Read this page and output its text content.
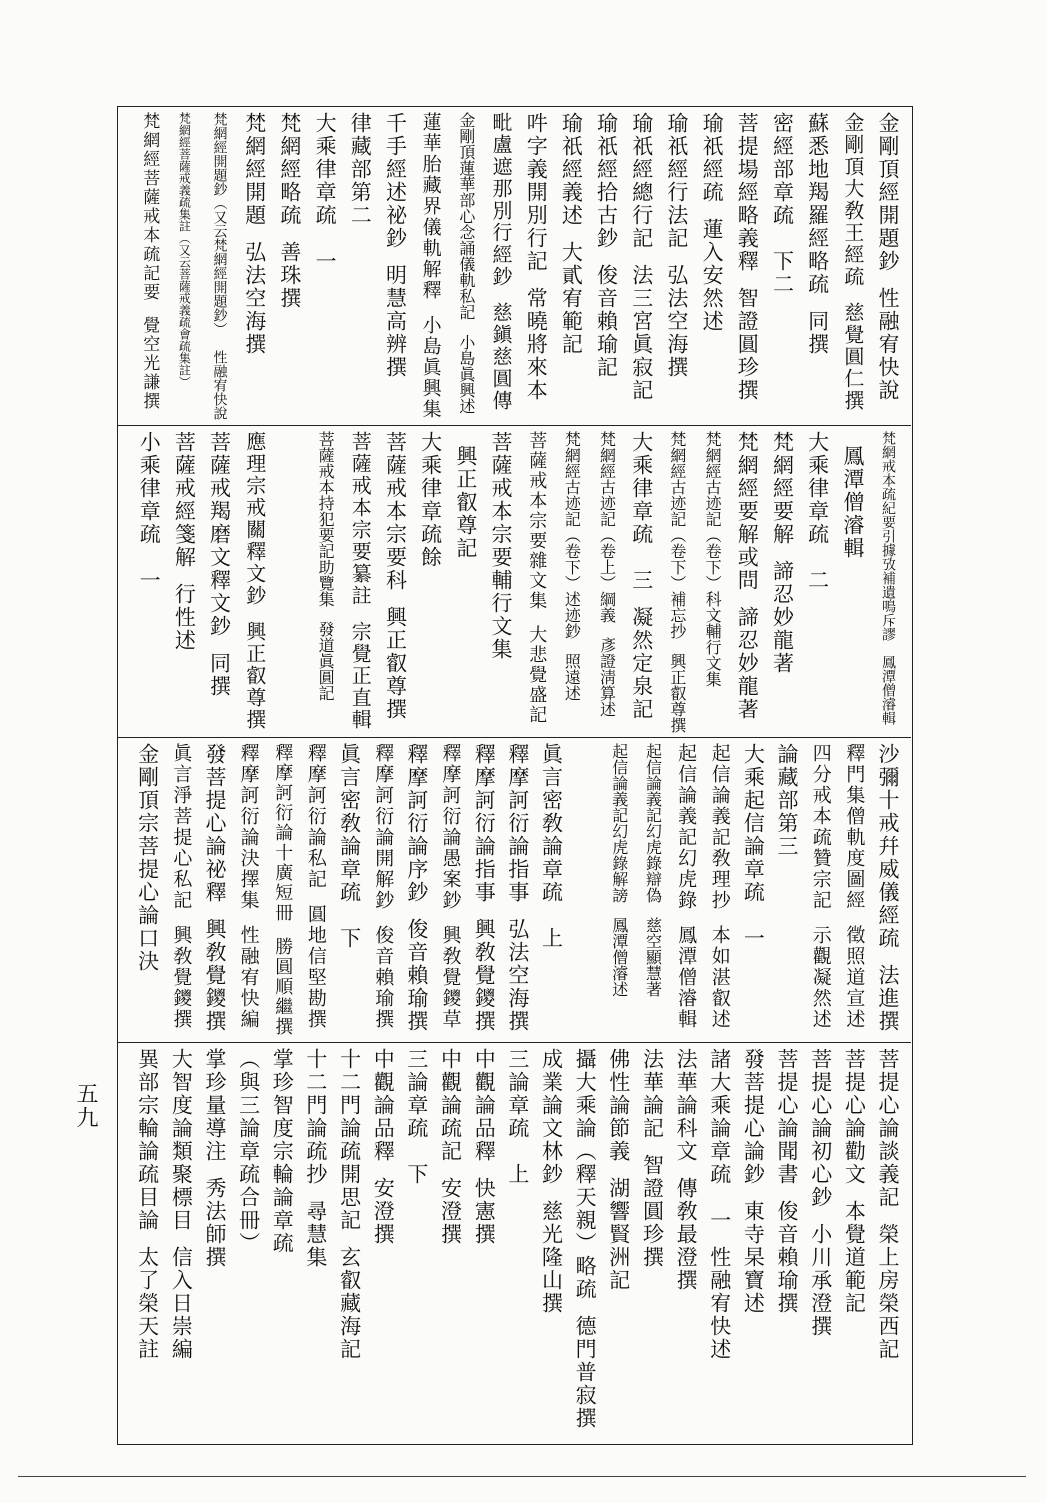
金剛頂經開題鈔性融宥快說
金剛頂大敎王經疏慈覺圓仁撰
蘇悉地羯羅經略疏同撰
密經部章疏　下二
菩提場經略義釋智證圓珍撰
瑜祇經疏蓮入安然述
瑜祇經行法記弘法空海撰
瑜祇經總行記法三宮眞寂記
瑜祇經拾古鈔俊音賴瑜記
瑜祇經義述大貳宥範記
吽字義開別行記常曉將來本
毗盧遮那別行經鈔慈鎭慈圓傳
金剛頂蓮華部心念誦儀軌私記小島眞興述
蓮華胎藏界儀軌解釋小島眞興集
千手經述祕鈔明慧高辨撰
律藏部第二
大乘律章疏　一
梵網經略疏善珠撰
梵網經開題弘法空海撰
梵網經開題鈔（又云梵網經開題鈔）性融宥快說
梵網經菩薩戒義疏集註（又云菩薩戒義疏會疏集註）
梵網經菩薩戒本疏記要覺空光謙撰
梵網戒本疏紀要引據攷補遺鳴斥謬鳳潭僧濬輯
鳳潭僧濬輯
大乘律章疏　二
梵網經要解諦忍妙龍著
梵網經要解或問諦忍妙龍著
梵網經古迹記（卷下）科文輔行文集
梵網經古迹記（卷下）補忘抄興正叡尊撰
大乘律章疏　三凝然定泉記
梵網經古迹記（卷上）綱義彥證淸算述
梵網經古迹記（卷下）述迹鈔照遠述
菩薩戒本宗要雜文集大悲覺盛記
菩薩戒本宗要輔行文集
興正叡尊記
大乘律章疏餘
菩薩戒本宗要科興正叡尊撰
菩薩戒本宗要纂註宗覺正直輯
菩薩戒本持犯要記助覽集發道眞圓記
應理宗戒關釋文鈔興正叡尊撰
菩薩戒羯磨文釋文鈔同撰
菩薩戒經箋解行性述
小乘律章疏　一
沙彌十戒幷威儀經疏法進撰
釋門集僧軌度圖經徵照道宣述
四分戒本疏贊宗記示觀凝然述
論藏部第三
大乘起信論章疏　一
起信論義記敎理抄本如湛叡述
起信論義記幻虎錄鳳潭僧濬輯
起信論義記幻虎錄辯偽慈空顯慧著
起信論義記幻虎錄解謗鳳潭僧濬述
眞言密敎論章疏　上
釋摩訶衍論指事弘法空海撰
釋摩訶衍論指事興敎覺鑁撰
釋摩訶衍論愚案鈔興敎覺鑁草
釋摩訶衍論序鈔俊音賴瑜撰
釋摩訶衍論開解鈔俊音賴瑜撰
眞言密敎論章疏　下
釋摩訶衍論私記圓地信堅勘撰
釋摩訶衍論十廣短冊勝圓順繼撰
釋摩訶衍論決擇集性融宥快編
發菩提心論祕釋興敎覺鑁撰
眞言淨菩提心私記興敎覺鑁撰
金剛頂宗菩提心論口決
菩提心論談義記榮上房榮西記
菩提心論勸文本覺道範記
菩提心論初心鈔小川承澄撰
菩提心論聞書俊音賴瑜撰
發菩提心論鈔東寺杲寶述
諸大乘論章疏　一性融宥快述
法華論科文傳敎最澄撰
法華論記智證圓珍撰
佛性論節義湖響賢洲記
攝大乘論（釋天親）略疏德門普寂撰
成業論文林鈔慈光隆山撰
三論章疏　上
中觀論品釋快憲撰
中觀論疏記安澄撰
三論章疏　下
中觀論品釋安澄撰
十二門論疏開思記玄叡藏海記
十二門論疏抄尋慧集
掌珍智度宗輪論章疏
（與三論章疏合冊）
掌珍量導注秀法師撰
大智度論類聚標目信入日崇編
異部宗輪論疏目論太了榮天註
五九
